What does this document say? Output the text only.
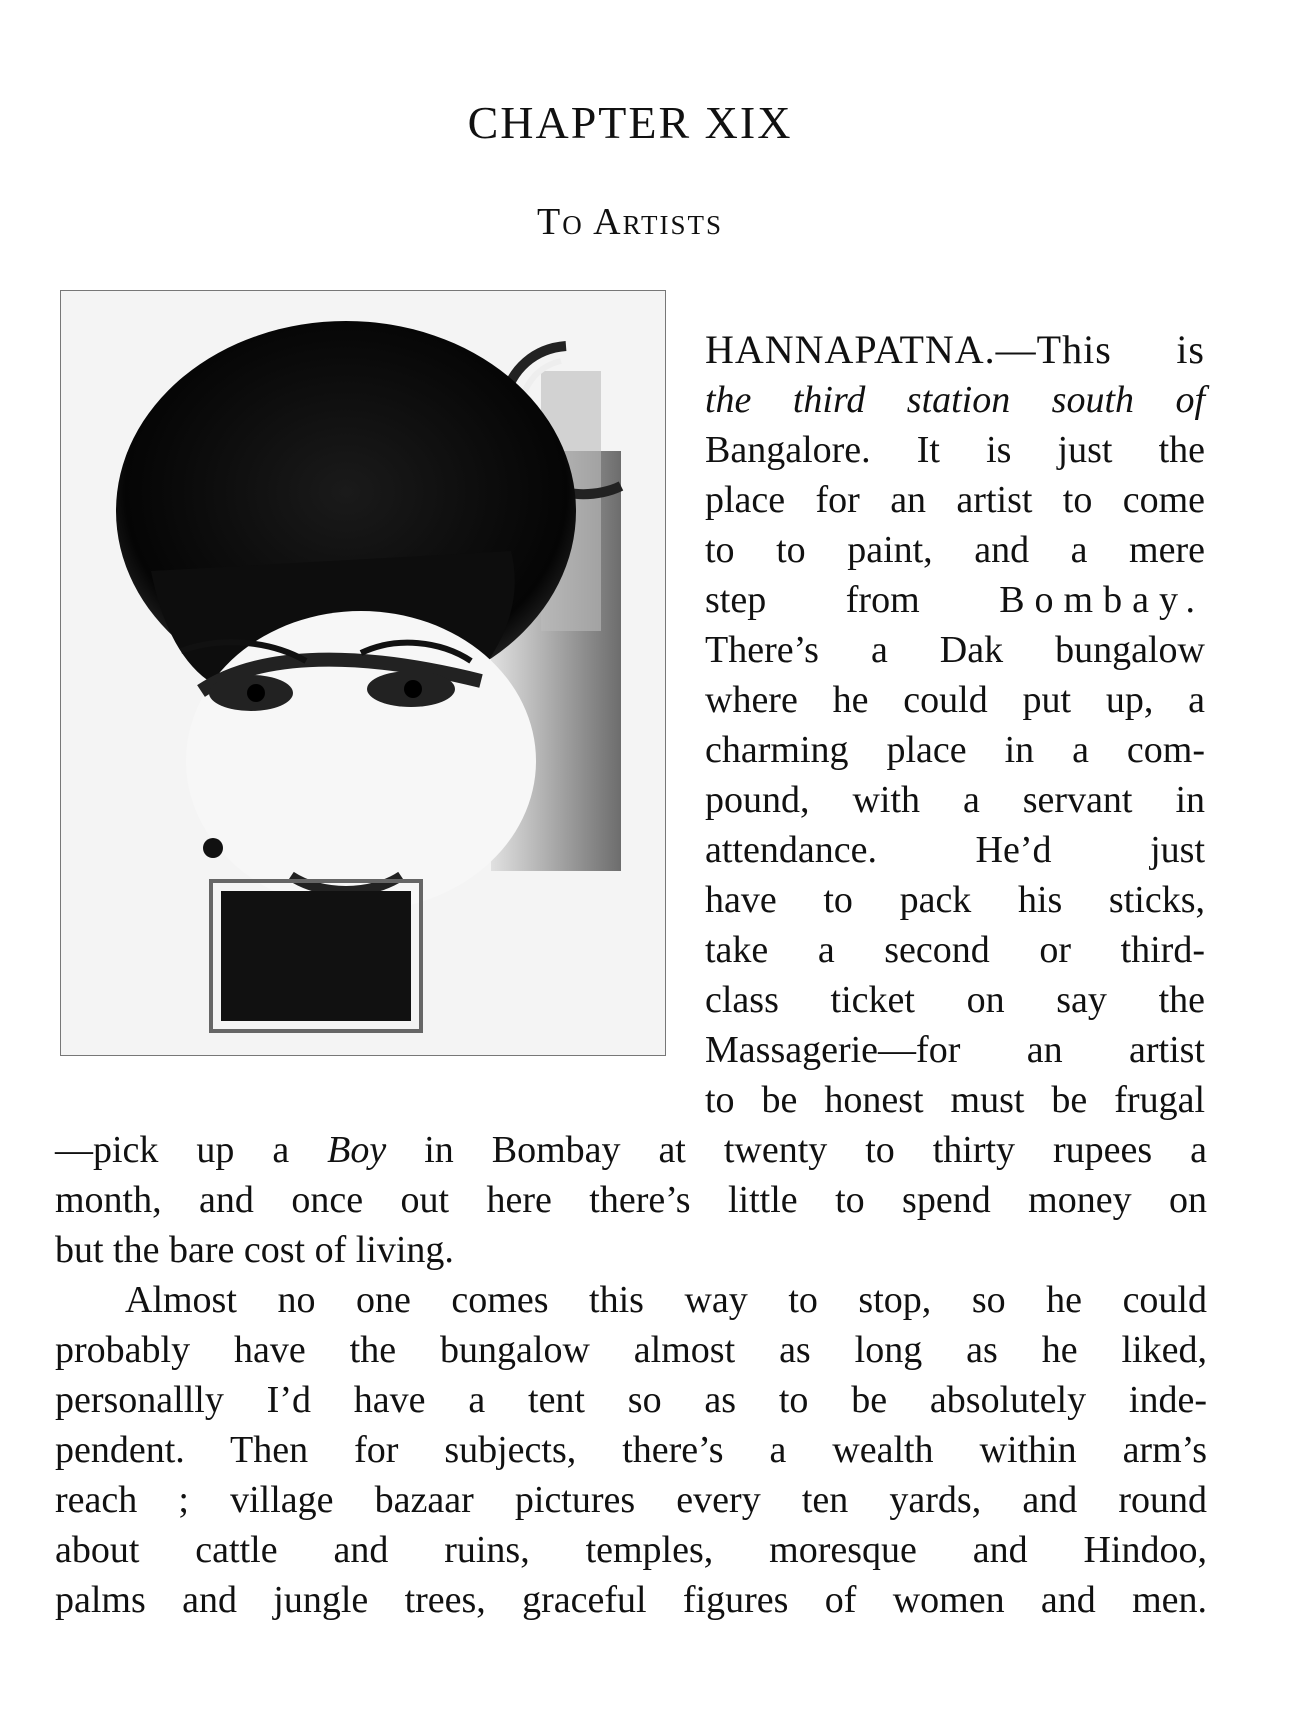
CHAPTER XIX
To Artists
HANNAPATNA.—This is
the third station south of
Bangalore. It is just the
place for an artist to come
to to paint, and a mere
step from Bombay.
There’s a Dak bungalow
where he could put up, a
charming place in a com-
pound, with a servant in
attendance. He’d just
have to pack his sticks,
take a second or third-
class ticket on say the
Massagerie—for an artist
to be honest must be frugal
—pick up a Boy in Bombay at twenty to thirty rupees a
month, and once out here there’s little to spend money on
but the bare cost of living.
Almost no one comes this way to stop, so he could
probably have the bungalow almost as long as he liked,
personallly I’d have a tent so as to be absolutely inde-
pendent. Then for subjects, there’s a wealth within arm’s
reach ; village bazaar pictures every ten yards, and round
about cattle and ruins, temples, moresque and Hindoo,
palms and jungle trees, graceful figures of women and men.
